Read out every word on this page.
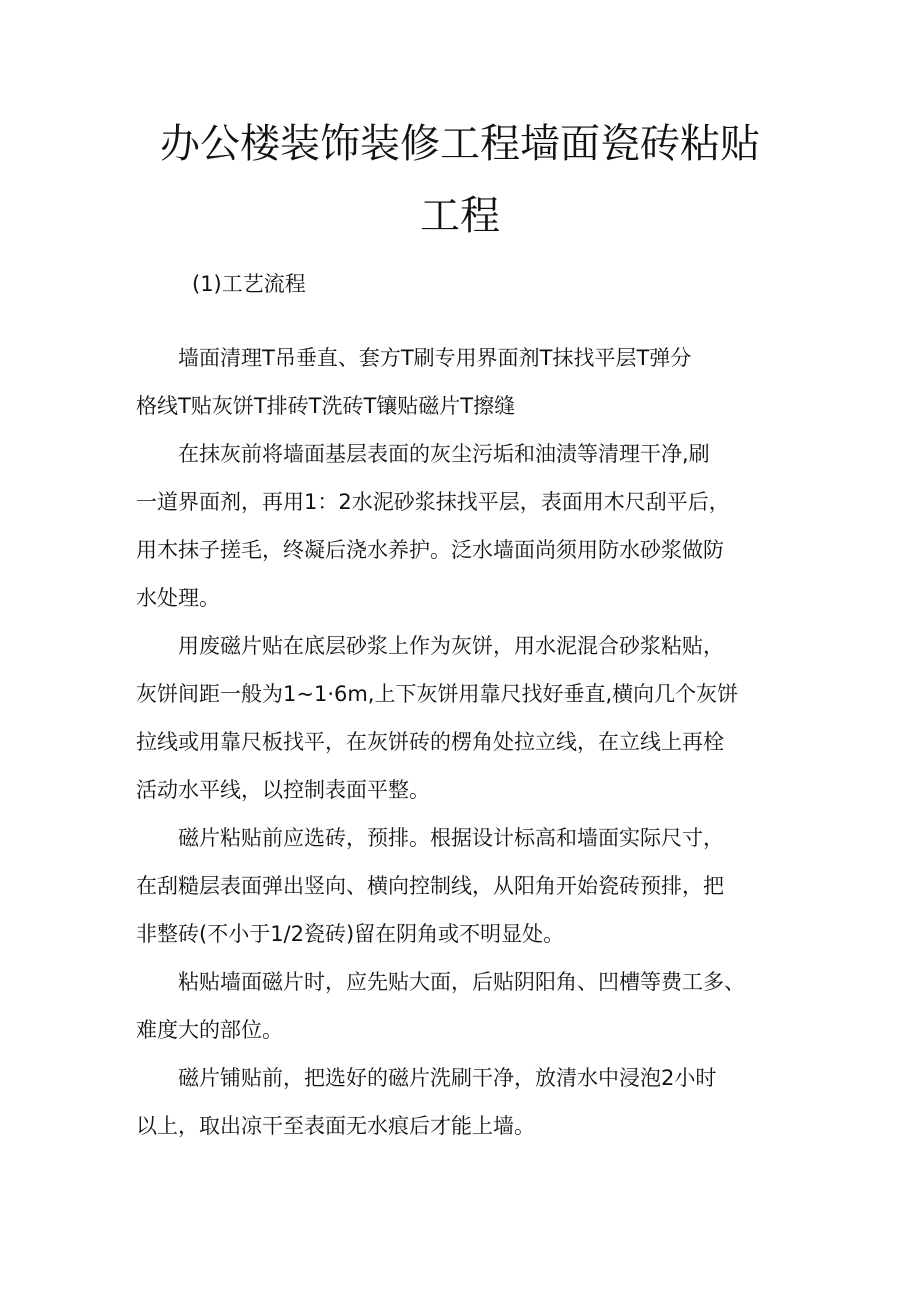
办公楼装饰装修工程墙面瓷砖粘贴
工程

(1)工艺流程

墙面清理T吊垂直、套方T刷专用界面剂T抹找平层T弹分
格线T贴灰饼T排砖T洗砖T镶贴磁片T擦缝
在抹灰前将墙面基层表面的灰尘污垢和油渍等清理干净,刷
一道界面剂，再用1：2水泥砂浆抹找平层，表面用木尺刮平后，
用木抹子搓毛，终凝后浇水养护。泛水墙面尚须用防水砂浆做防
水处理。
用废磁片贴在底层砂浆上作为灰饼，用水泥混合砂浆粘贴，
灰饼间距一般为1~1·6m,上下灰饼用靠尺找好垂直,横向几个灰饼
拉线或用靠尺板找平，在灰饼砖的楞角处拉立线，在立线上再栓
活动水平线，以控制表面平整。
磁片粘贴前应选砖，预排。根据设计标高和墙面实际尺寸，
在刮糙层表面弹出竖向、横向控制线，从阳角开始瓷砖预排，把
非整砖(不小于1/2瓷砖)留在阴角或不明显处。
粘贴墙面磁片时，应先贴大面，后贴阴阳角、凹槽等费工多、
难度大的部位。
磁片铺贴前，把选好的磁片洗刷干净，放清水中浸泡2小时
以上，取出凉干至表面无水痕后才能上墙。
